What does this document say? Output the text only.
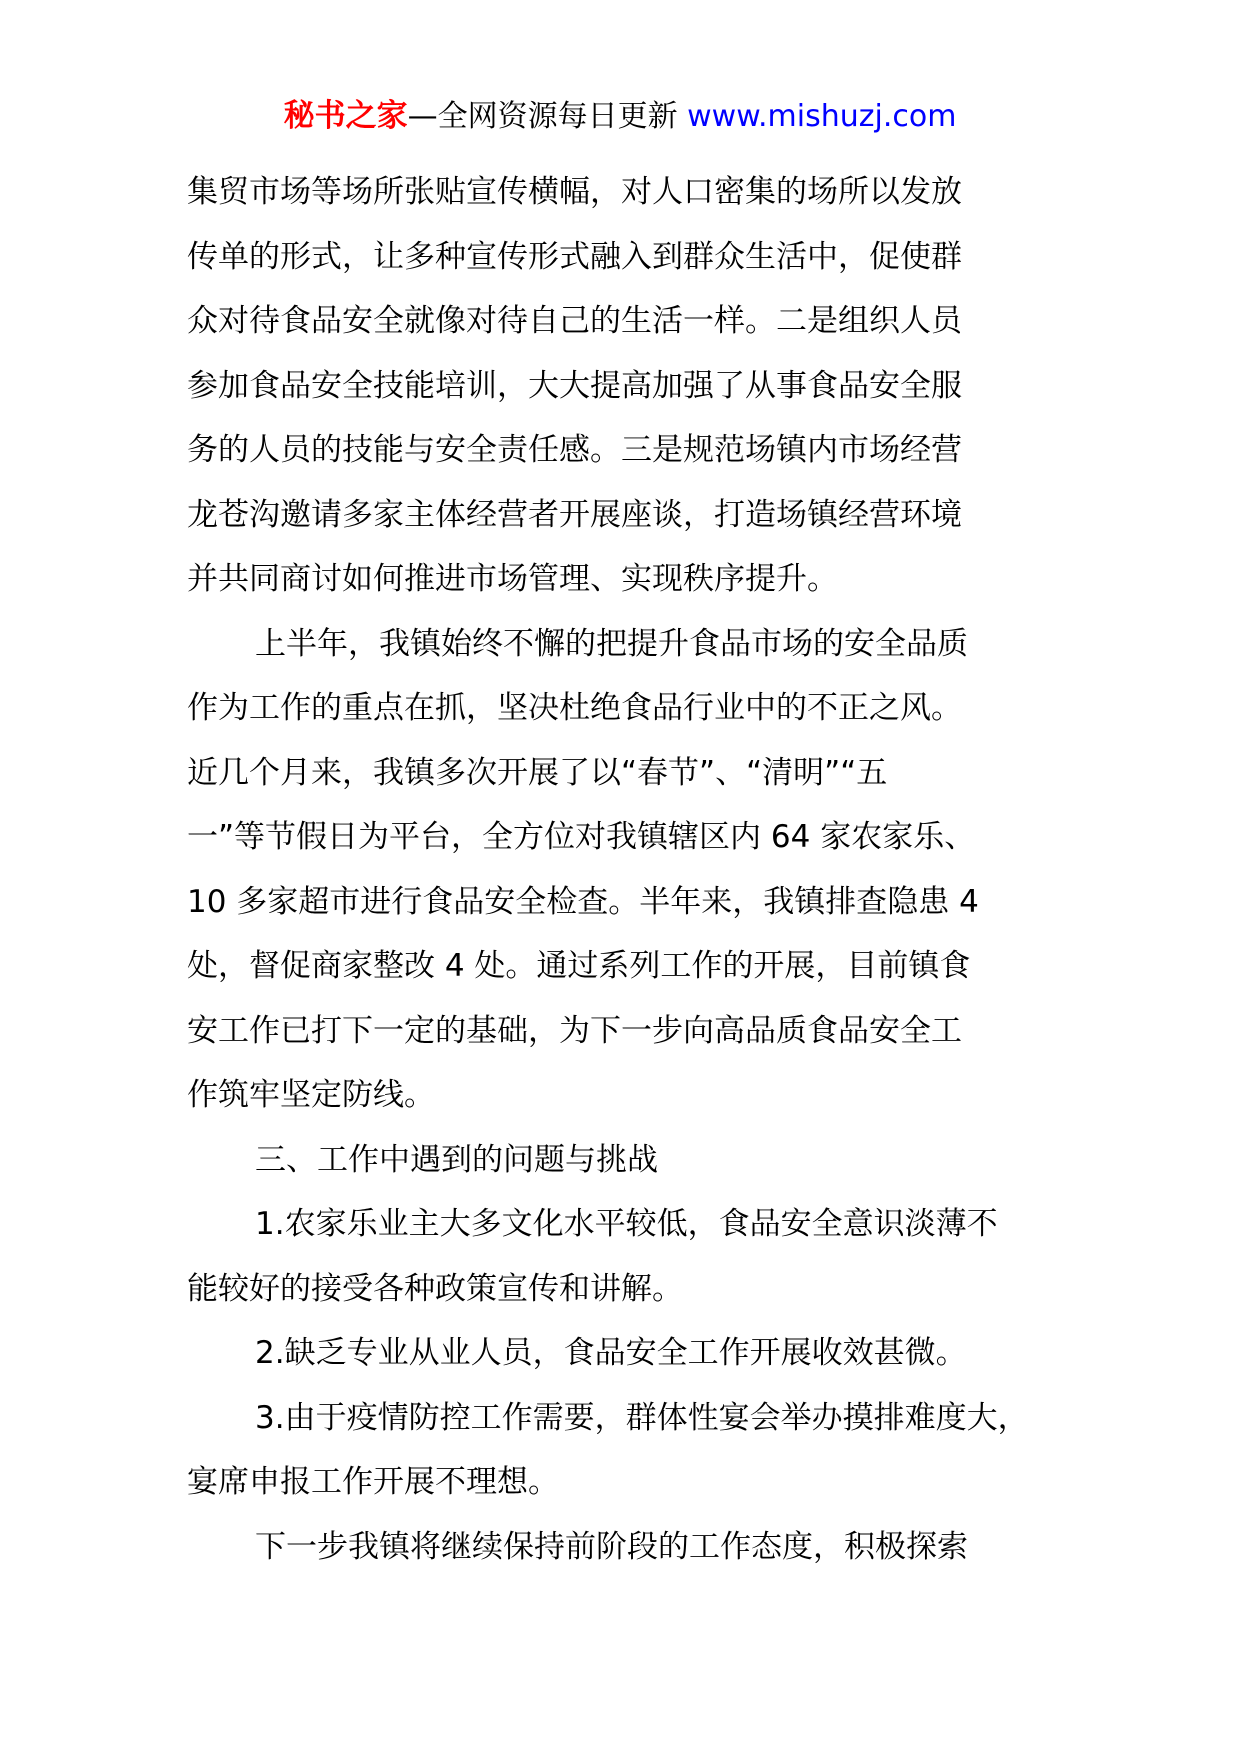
秘书之家—全网资源每日更新 www.mishuzj.com
集贸市场等场所张贴宣传横幅，对人口密集的场所以发放
传单的形式，让多种宣传形式融入到群众生活中，促使群
众对待食品安全就像对待自己的生活一样。二是组织人员
参加食品安全技能培训，大大提高加强了从事食品安全服
务的人员的技能与安全责任感。三是规范场镇内市场经营
龙苍沟邀请多家主体经营者开展座谈，打造场镇经营环境
并共同商讨如何推进市场管理、实现秩序提升。
上半年，我镇始终不懈的把提升食品市场的安全品质
作为工作的重点在抓，坚决杜绝食品行业中的不正之风。
近几个月来，我镇多次开展了以“春节”、“清明”“五
一”等节假日为平台，全方位对我镇辖区内 64 家农家乐、
10 多家超市进行食品安全检查。半年来，我镇排查隐患 4
处，督促商家整改 4 处。通过系列工作的开展，目前镇食
安工作已打下一定的基础，为下一步向高品质食品安全工
作筑牢坚定防线。
三、工作中遇到的问题与挑战
1.农家乐业主大多文化水平较低，食品安全意识淡薄不
能较好的接受各种政策宣传和讲解。
2.缺乏专业从业人员，食品安全工作开展收效甚微。
3.由于疫情防控工作需要，群体性宴会举办摸排难度大，
宴席申报工作开展不理想。
下一步我镇将继续保持前阶段的工作态度，积极探索
